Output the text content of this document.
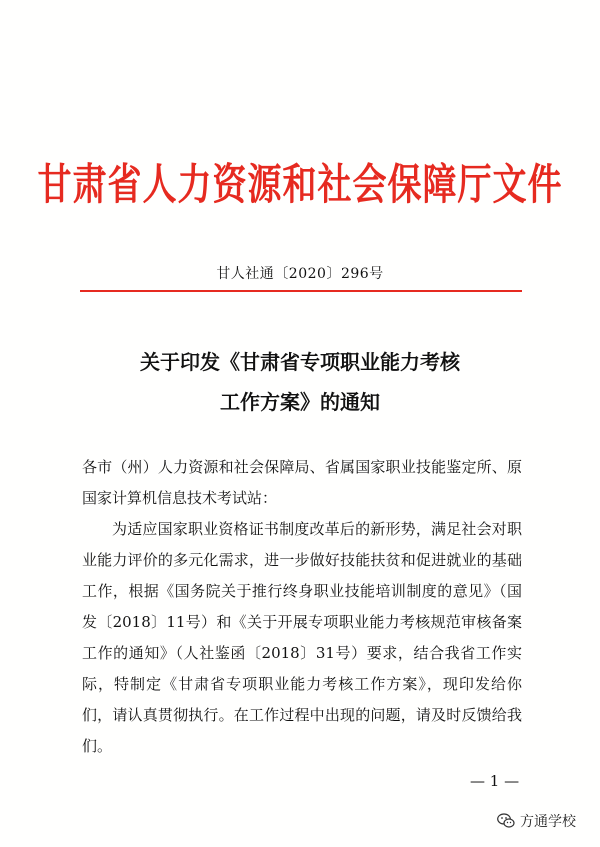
甘肃省人力资源和社会保障厅文件
甘人社通〔2020〕296号
关于印发《甘肃省专项职业能力考核
工作方案》的通知

各市（州）人力资源和社会保障局、省属国家职业技能鉴定所、原国家计算机信息技术考试站：

为适应国家职业资格证书制度改革后的新形势，满足社会对职业能力评价的多元化需求，进一步做好技能扶贫和促进就业的基础工作，根据《国务院关于推行终身职业技能培训制度的意见》（国发〔2018〕11号）和《关于开展专项职业能力考核规范审核备案工作的通知》（人社鉴函〔2018〕31号）要求，结合我省工作实际，特制定《甘肃省专项职业能力考核工作方案》，现印发给你们，请认真贯彻执行。在工作过程中出现的问题，请及时反馈给我们。

— 1 —
方通学校
